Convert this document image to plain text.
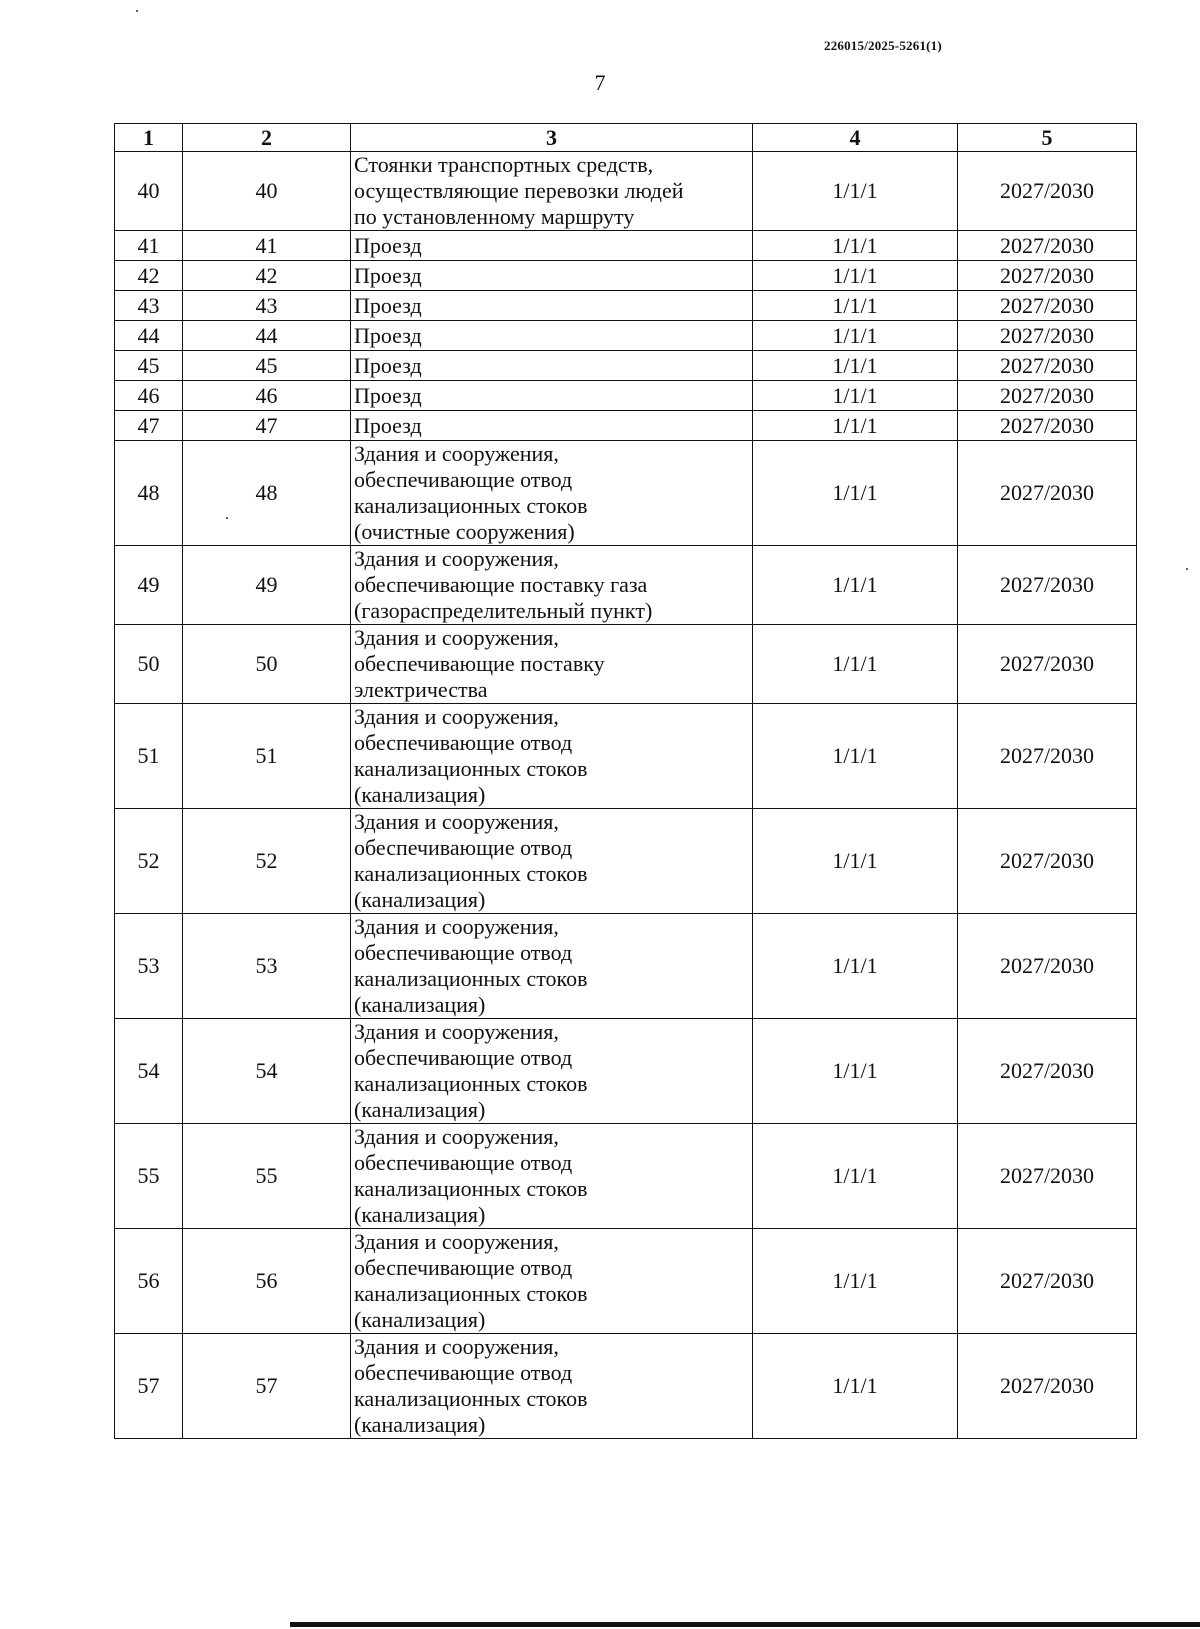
226015/2025-5261(1)
7
1	2	3	4	5
40	40	Стоянки транспортных средств,
осуществляющие перевозки людей
по установленному маршруту	1/1/1	2027/2030
41	41	Проезд	1/1/1	2027/2030
42	42	Проезд	1/1/1	2027/2030
43	43	Проезд	1/1/1	2027/2030
44	44	Проезд	1/1/1	2027/2030
45	45	Проезд	1/1/1	2027/2030
46	46	Проезд	1/1/1	2027/2030
47	47	Проезд	1/1/1	2027/2030
48	48	Здания и сооружения,
обеспечивающие отвод
канализационных стоков
(очистные сооружения)	1/1/1	2027/2030
49	49	Здания и сооружения,
обеспечивающие поставку газа
(газораспределительный пункт)	1/1/1	2027/2030
50	50	Здания и сооружения,
обеспечивающие поставку
электричества	1/1/1	2027/2030
51	51	Здания и сооружения,
обеспечивающие отвод
канализационных стоков
(канализация)	1/1/1	2027/2030
52	52	Здания и сооружения,
обеспечивающие отвод
канализационных стоков
(канализация)	1/1/1	2027/2030
53	53	Здания и сооружения,
обеспечивающие отвод
канализационных стоков
(канализация)	1/1/1	2027/2030
54	54	Здания и сооружения,
обеспечивающие отвод
канализационных стоков
(канализация)	1/1/1	2027/2030
55	55	Здания и сооружения,
обеспечивающие отвод
канализационных стоков
(канализация)	1/1/1	2027/2030
56	56	Здания и сооружения,
обеспечивающие отвод
канализационных стоков
(канализация)	1/1/1	2027/2030
57	57	Здания и сооружения,
обеспечивающие отвод
канализационных стоков
(канализация)	1/1/1	2027/2030
